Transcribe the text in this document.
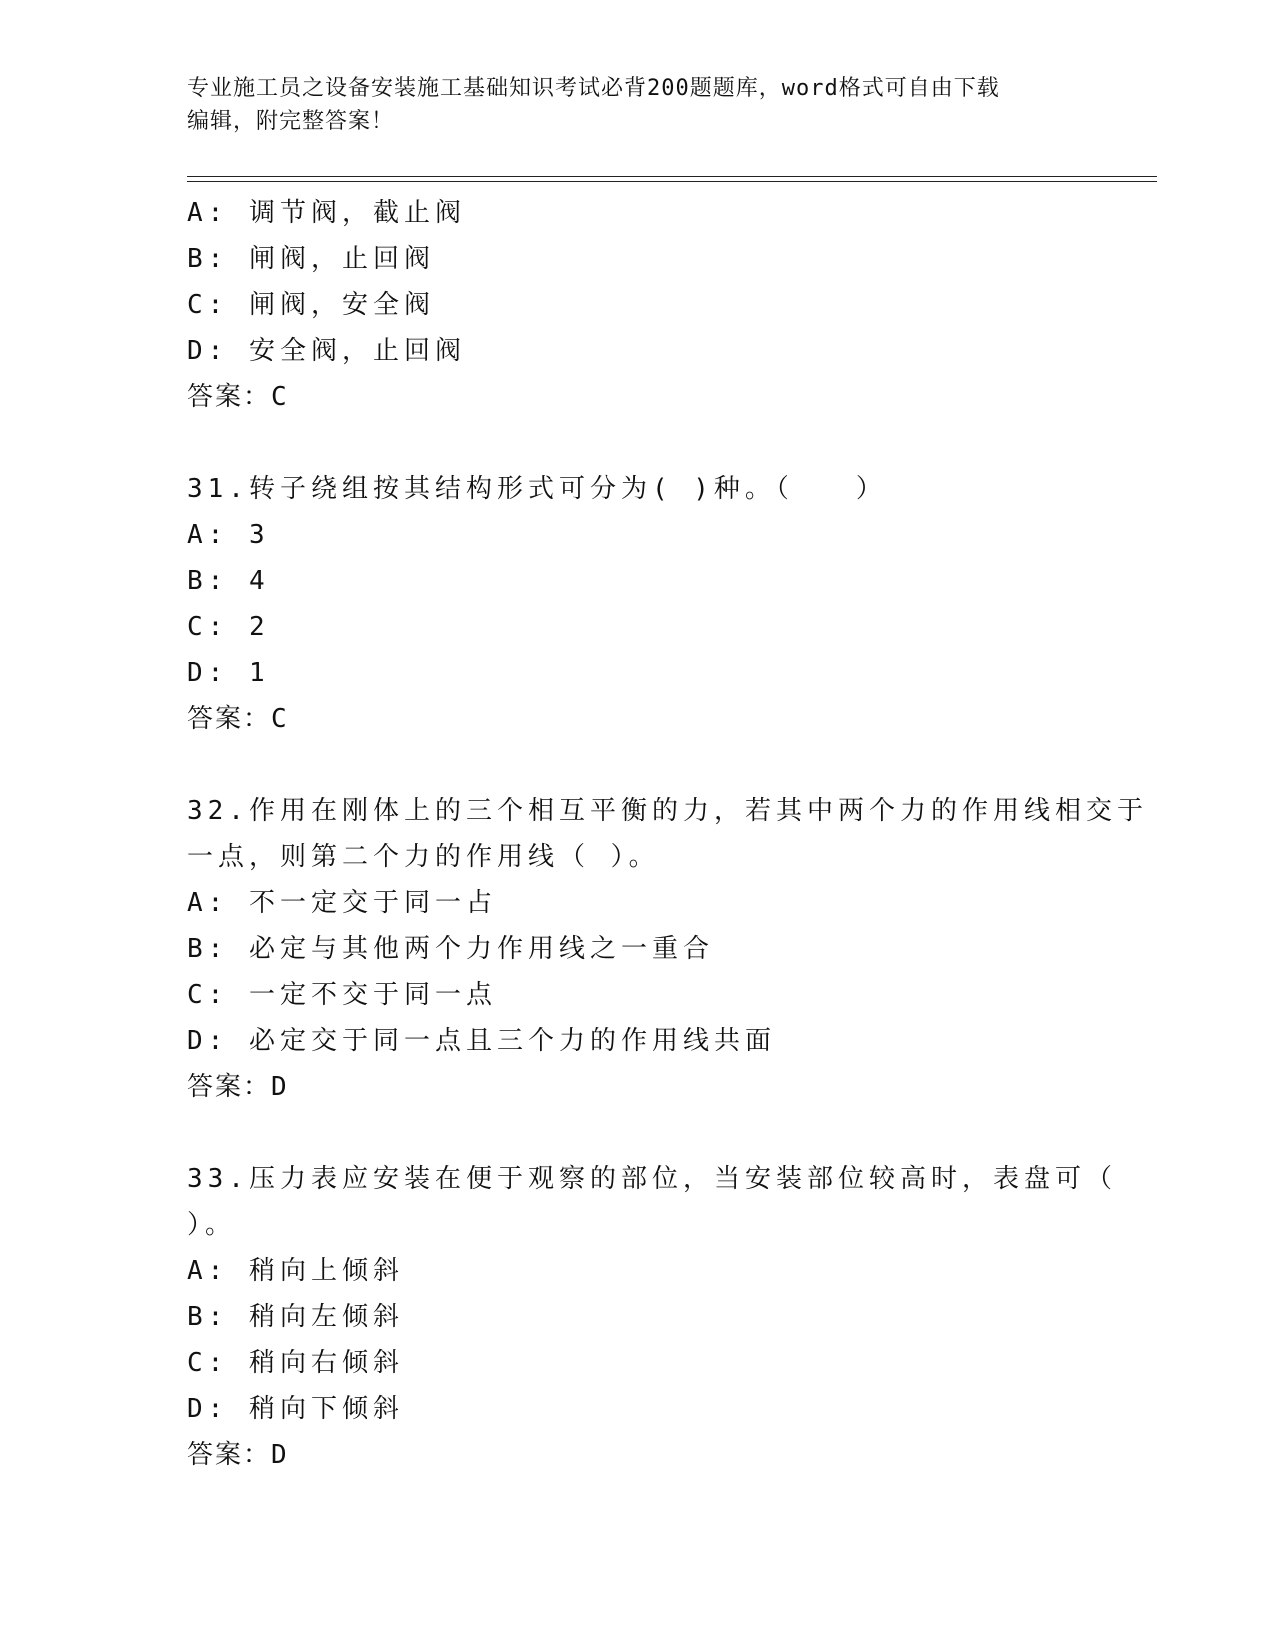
专业施工员之设备安装施工基础知识考试必背200题题库，word格式可自由下载
编辑，附完整答案！
A: 调节阀，截止阀
B: 闸阀，止回阀
C: 闸阀，安全阀
D: 安全阀，止回阀
答案：C
31.转子绕组按其结构形式可分为( )种。（　　）
A: 3
B: 4
C: 2
D: 1
答案：C
32.作用在刚体上的三个相互平衡的力，若其中两个力的作用线相交于
一点，则第二个力的作用线（ ）。
A: 不一定交于同一占
B: 必定与其他两个力作用线之一重合
C: 一定不交于同一点
D: 必定交于同一点且三个力的作用线共面
答案：D
33.压力表应安装在便于观察的部位，当安装部位较高时，表盘可（
）。
A: 稍向上倾斜
B: 稍向左倾斜
C: 稍向右倾斜
D: 稍向下倾斜
答案：D
